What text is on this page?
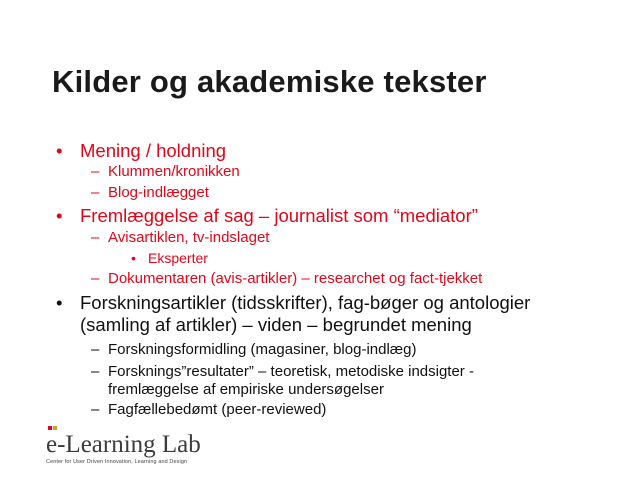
Kilder og akademiske tekster
• Mening / holdning
– Klummen/kronikken
– Blog-indlægget
• Fremlæggelse af sag – journalist som “mediator”
– Avisartiklen, tv-indslaget
• Eksperter
– Dokumentaren (avis-artikler) – researchet og fact-tjekket
• Forskningsartikler (tidsskrifter), fag-bøger og antologier
(samling af artikler) – viden – begrundet mening
– Forskningsformidling (magasiner, blog-indlæg)
– Forsknings”resultater” – teoretisk, metodiske indsigter -
fremlæggelse af empiriske undersøgelser
– Fagfællebedømt (peer-reviewed)
e-Learning Lab
Center for User Driven Innovation, Learning and Design
